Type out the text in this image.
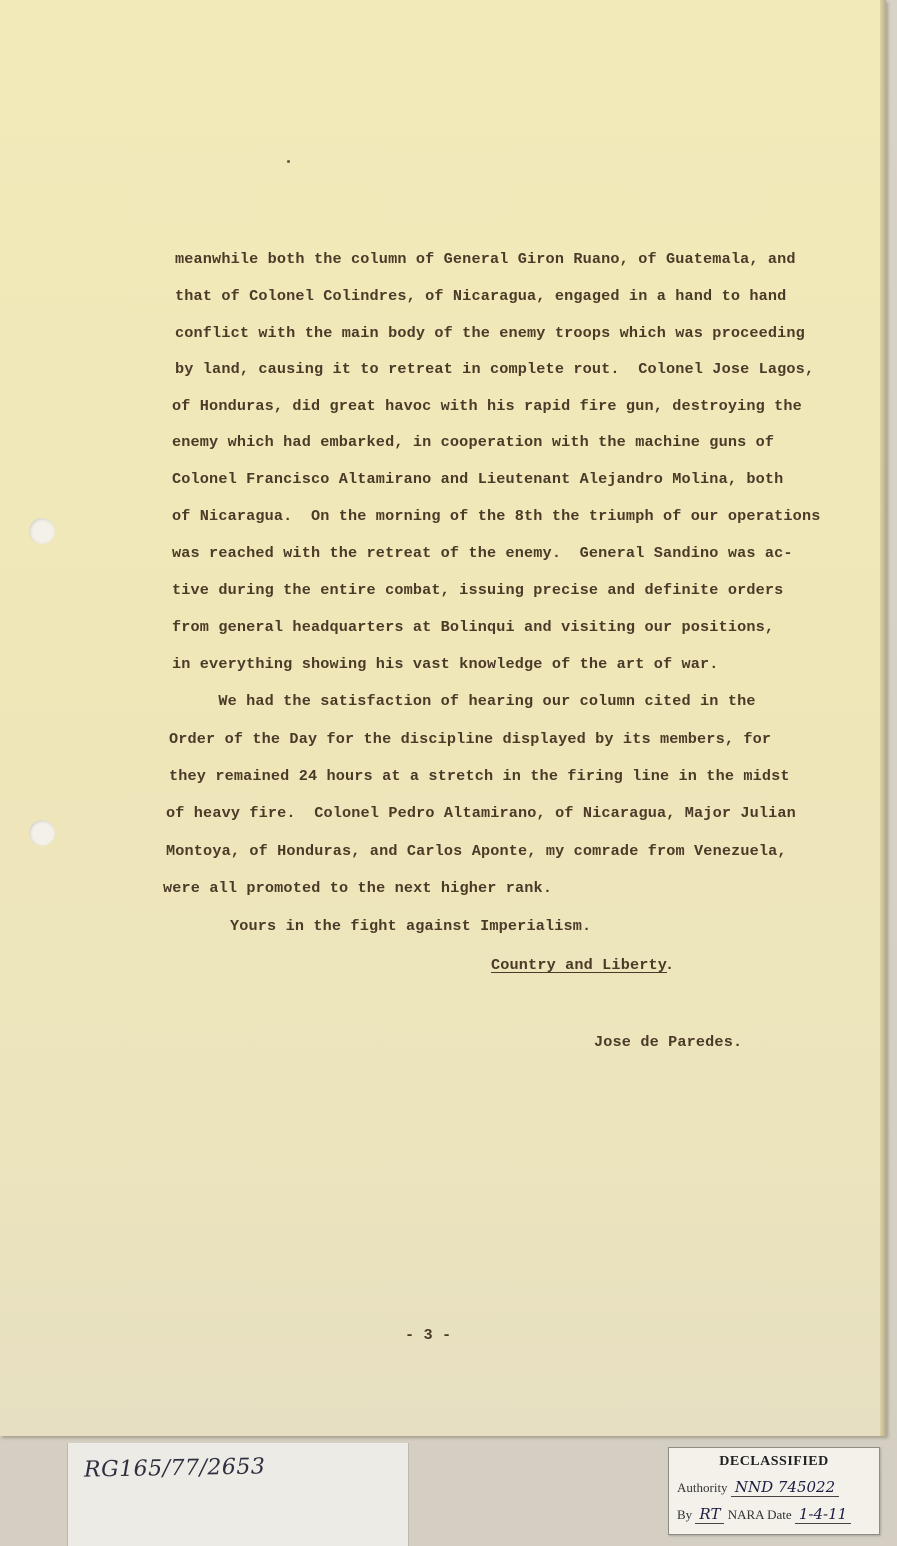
meanwhile both the column of General Giron Ruano, of Guatemala, and
that of Colonel Colindres, of Nicaragua, engaged in a hand to hand
conflict with the main body of the enemy troops which was proceeding
by land, causing it to retreat in complete rout.  Colonel Jose Lagos,
of Honduras, did great havoc with his rapid fire gun, destroying the
enemy which had embarked, in cooperation with the machine guns of
Colonel Francisco Altamirano and Lieutenant Alejandro Molina, both
of Nicaragua.  On the morning of the 8th the triumph of our operations
was reached with the retreat of the enemy.  General Sandino was ac-
tive during the entire combat, issuing precise and definite orders
from general headquarters at Bolinqui and visiting our positions,
in everything showing his vast knowledge of the art of war.
We had the satisfaction of hearing our column cited in the
Order of the Day for the discipline displayed by its members, for
they remained 24 hours at a stretch in the firing line in the midst
of heavy fire.  Colonel Pedro Altamirano, of Nicaragua, Major Julian
Montoya, of Honduras, and Carlos Aponte, my comrade from Venezuela,
were all promoted to the next higher rank.
Yours in the fight against Imperialism.
Country and Liberty
.
Jose de Paredes.
- 3 -
RG165/77/2653	DECLASSIFIED
Authority NND 745022
By RT NARA Date 1-4-11
